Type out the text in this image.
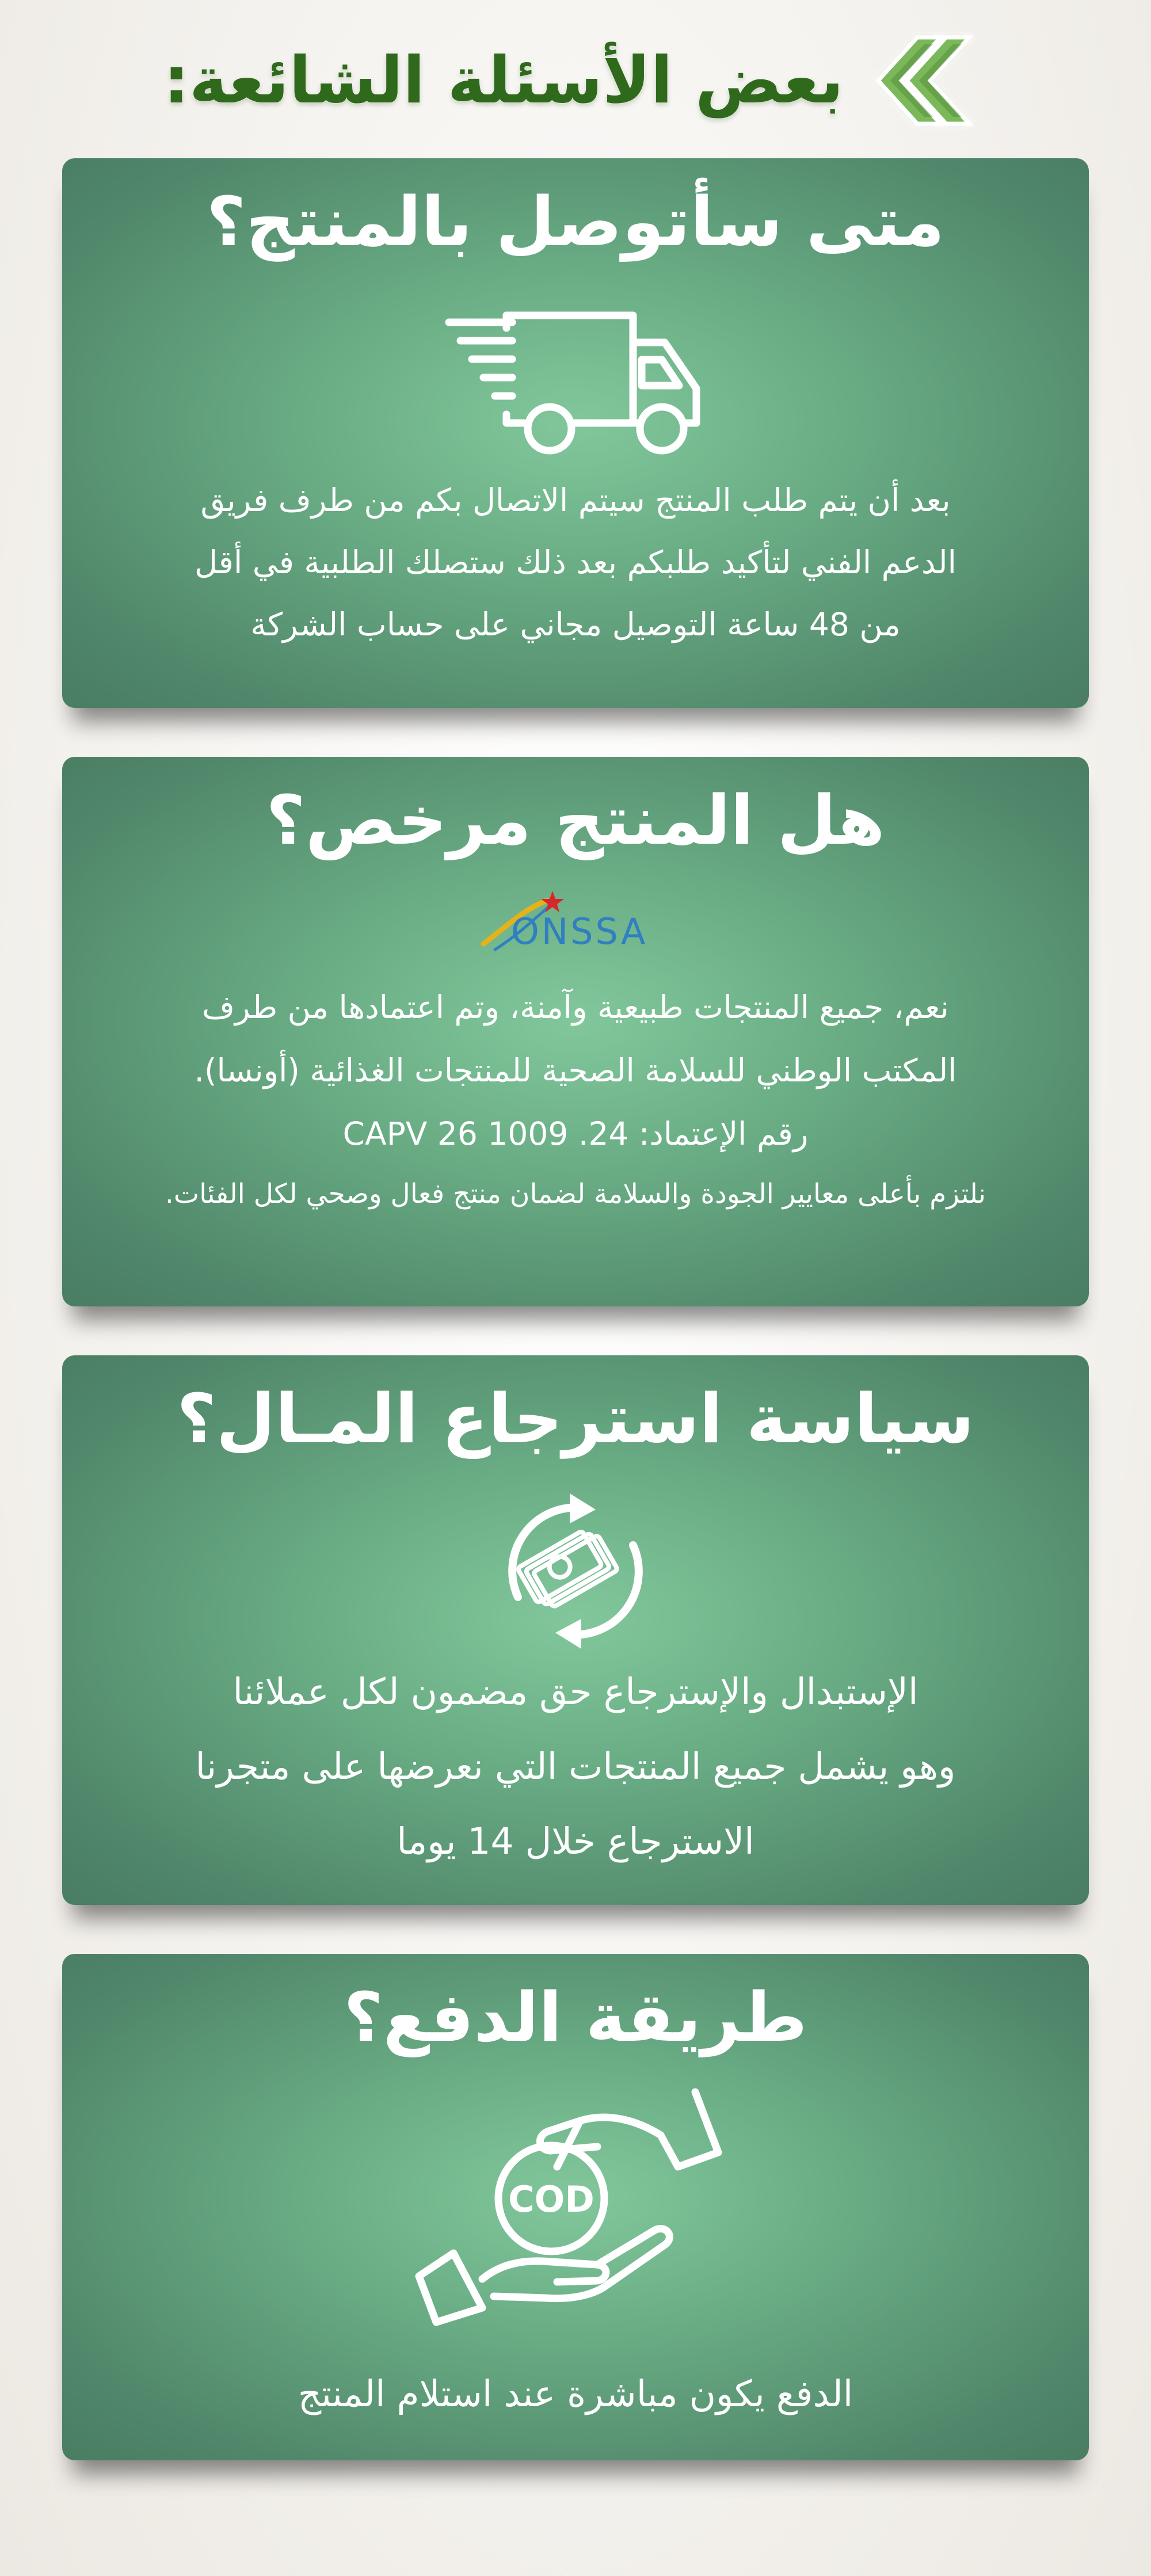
بعض الأسئلة الشائعة:
متى سأتوصل بالمنتج؟
بعد أن يتم طلب المنتج سيتم الاتصال بكم من طرف فريق
الدعم الفني لتأكيد طلبكم بعد ذلك ستصلك الطلبية في أقل
من 48 ساعة التوصيل مجاني على حساب الشركة
هل المنتج مرخص؟
ONSSA
نعم، جميع المنتجات طبيعية وآمنة، وتم اعتمادها من طرف
المكتب الوطني للسلامة الصحية للمنتجات الغذائية (أونسا).
رقم الإعتماد: 24. 1009 26 CAPV
نلتزم بأعلى معايير الجودة والسلامة لضمان منتج فعال وصحي لكل الفئات.
سياسة استرجاع المـال؟
الإستبدال والإسترجاع حق مضمون لكل عملائنا
وهو يشمل جميع المنتجات التي نعرضها على متجرنا
الاسترجاع خلال 14 يوما
طريقة الدفع؟
COD
الدفع يكون مباشرة عند استلام المنتج
